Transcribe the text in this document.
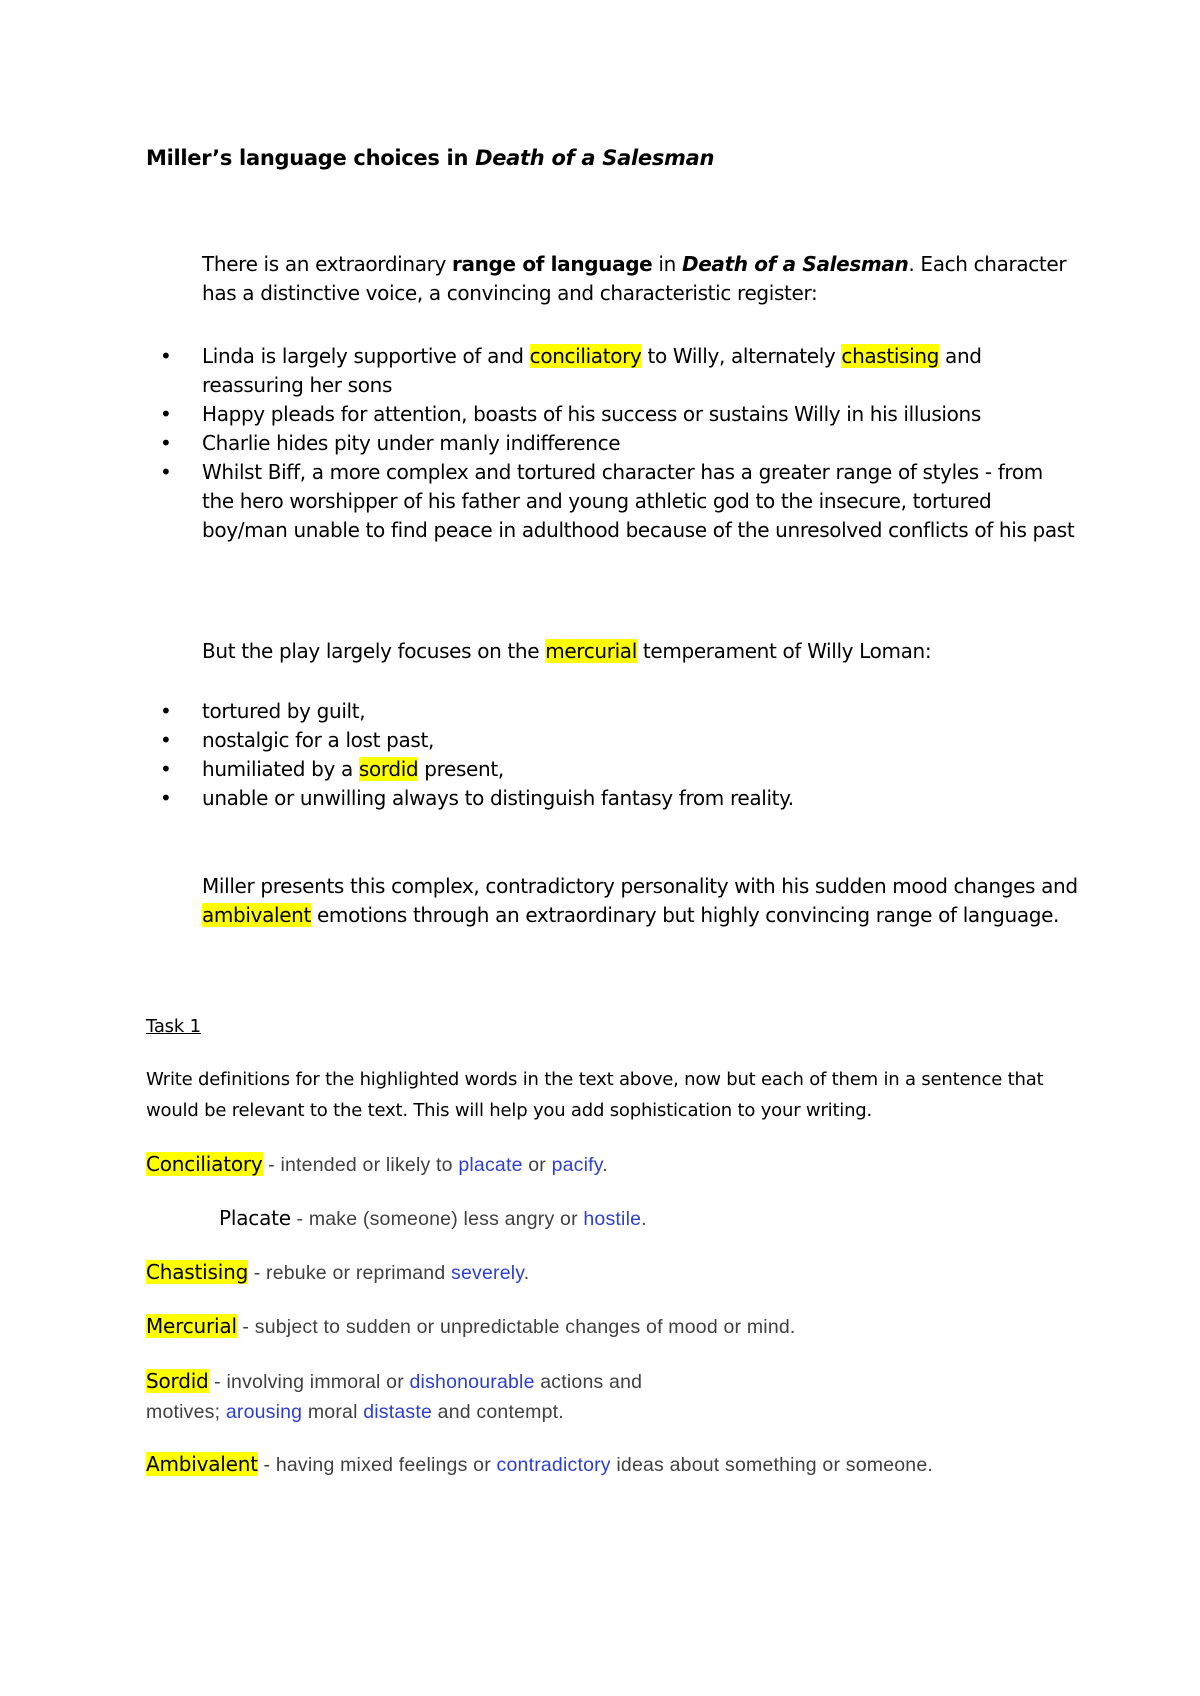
Miller’s language choices in Death of a Salesman
There is an extraordinary range of language in Death of a Salesman. Each character has a distinctive voice, a convincing and characteristic register:
• Linda is largely supportive of and conciliatory to Willy, alternately chastising and reassuring her sons
• Happy pleads for attention, boasts of his success or sustains Willy in his illusions
• Charlie hides pity under manly indifference
• Whilst Biff, a more complex and tortured character has a greater range of styles - from the hero worshipper of his father and young athletic god to the insecure, tortured boy/man unable to find peace in adulthood because of the unresolved conflicts of his past
But the play largely focuses on the mercurial temperament of Willy Loman:
• tortured by guilt,
• nostalgic for a lost past,
• humiliated by a sordid present,
• unable or unwilling always to distinguish fantasy from reality.
Miller presents this complex, contradictory personality with his sudden mood changes and ambivalent emotions through an extraordinary but highly convincing range of language.
Task 1
Write definitions for the highlighted words in the text above, now but each of them in a sentence that would be relevant to the text. This will help you add sophistication to your writing.
Conciliatory - intended or likely to placate or pacify.
Placate - make (someone) less angry or hostile.
Chastising - rebuke or reprimand severely.
Mercurial - subject to sudden or unpredictable changes of mood or mind.
Sordid - involving immoral or dishonourable actions and motives; arousing moral distaste and contempt.
Ambivalent - having mixed feelings or contradictory ideas about something or someone.
